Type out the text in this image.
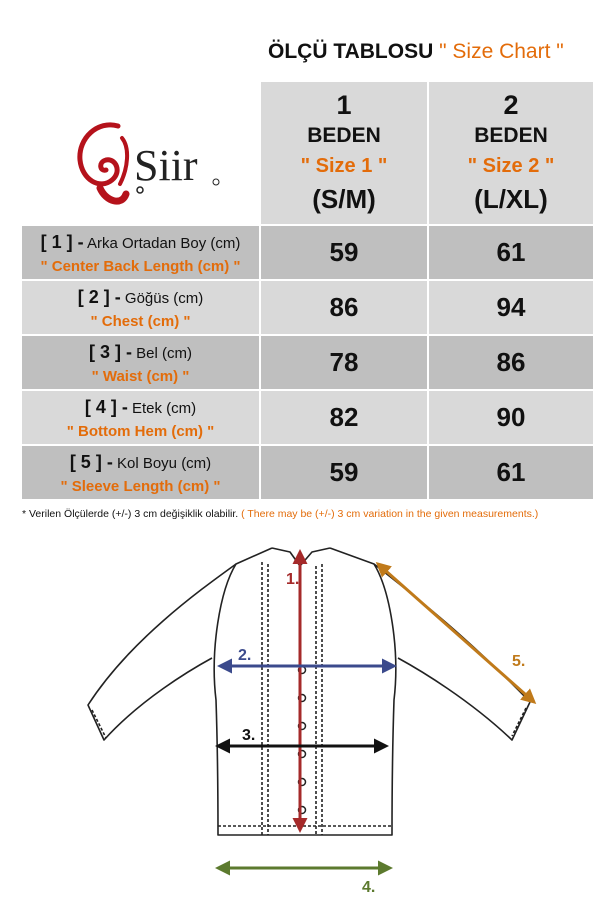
ÖLÇÜ TABLOSU " Size Chart "
Siir
1
BEDEN
" Size 1 "
(S/M)
2
BEDEN
" Size 2 "
(L/XL)
[ 1 ] - Arka Ortadan Boy (cm)
" Center Back Length (cm) "	59	61
[ 2 ] - Göğüs (cm)
" Chest (cm) "	86	94
[ 3 ] - Bel (cm)
" Waist (cm) "	78	86
[ 4 ] - Etek (cm)
" Bottom Hem (cm) "	82	90
[ 5 ] - Kol Boyu (cm)
" Sleeve Length (cm) "	59	61
* Verilen Ölçülerde (+/-) 3 cm değişiklik olabilir. ( There may be (+/-) 3 cm variation in the given measurements.)
1.
2.
3.
4.
5.
